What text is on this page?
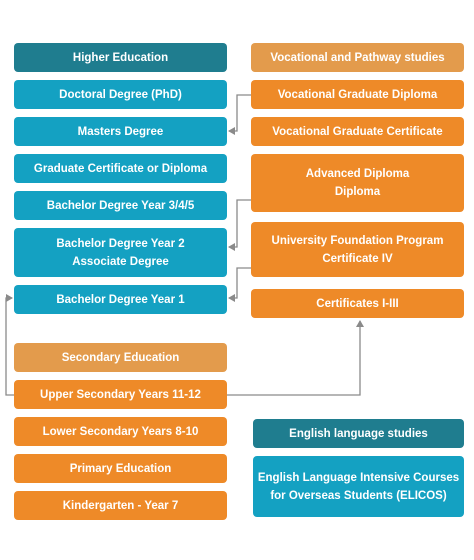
Higher Education
Doctoral Degree (PhD)
Masters Degree
Graduate Certificate or Diploma
Bachelor Degree Year 3/4/5
Bachelor Degree Year 2
Associate Degree
Bachelor Degree Year 1
Secondary Education
Upper Secondary Years 11-12
Lower Secondary Years 8-10
Primary Education
Kindergarten - Year 7
Vocational and Pathway studies
Vocational Graduate Diploma
Vocational Graduate Certificate
Advanced Diploma
Diploma
University Foundation Program
Certificate IV
Certificates I-III
English language studies
English Language Intensive Courses
for Overseas Students (ELICOS)
